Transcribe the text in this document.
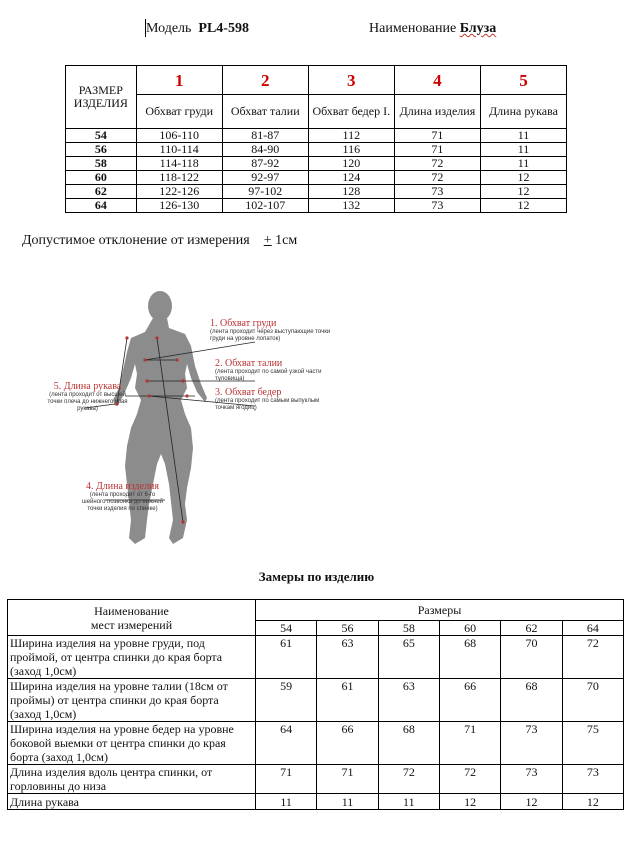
Модель PL4-598	Наименование Блуза
РАЗМЕР ИЗДЕЛИЯ	1	2	3	4	5
	Обхват груди	Обхват талии	Обхват бедер I.	Длина изделия	Длина рукава
54	106-110	81-87	112	71	11
56	110-114	84-90	116	71	11
58	114-118	87-92	120	72	11
60	118-122	92-97	124	72	12
62	122-126	97-102	128	73	12
64	126-130	102-107	132	73	12
Допустимое отклонение от измерения + 1см
1. Обхват груди
(лента проходит через выступающие точки груди на уровне лопаток)
2. Обхват талии
(лента проходит по самой узкой части туловища)
3. Обхват бедер
(лента проходит по самым выпуклым точкам ягодиц)
5. Длина рукава
(лента проходит от высшей точки плеча до нижнего края рукава)
4. Длина изделия
(лента проходит от 6-го шейного позвонка до нижней точки изделия по спинке)
Замеры по изделию
Наименование
мест измерений	Размеры					
	54	56	58	60	62	64
Ширина изделия на уровне груди, под проймой, от центра спинки до края борта (заход 1,0см)	61	63	65	68	70	72
Ширина изделия на уровне талии (18см от проймы) от центра спинки до края борта (заход 1,0см)	59	61	63	66	68	70
Ширина изделия на уровне бедер на уровне боковой выемки от центра спинки до края борта (заход 1,0см)	64	66	68	71	73	75
Длина изделия вдоль центра спинки, от горловины до низа	71	71	72	72	73	73
Длина рукава	11	11	11	12	12	12
